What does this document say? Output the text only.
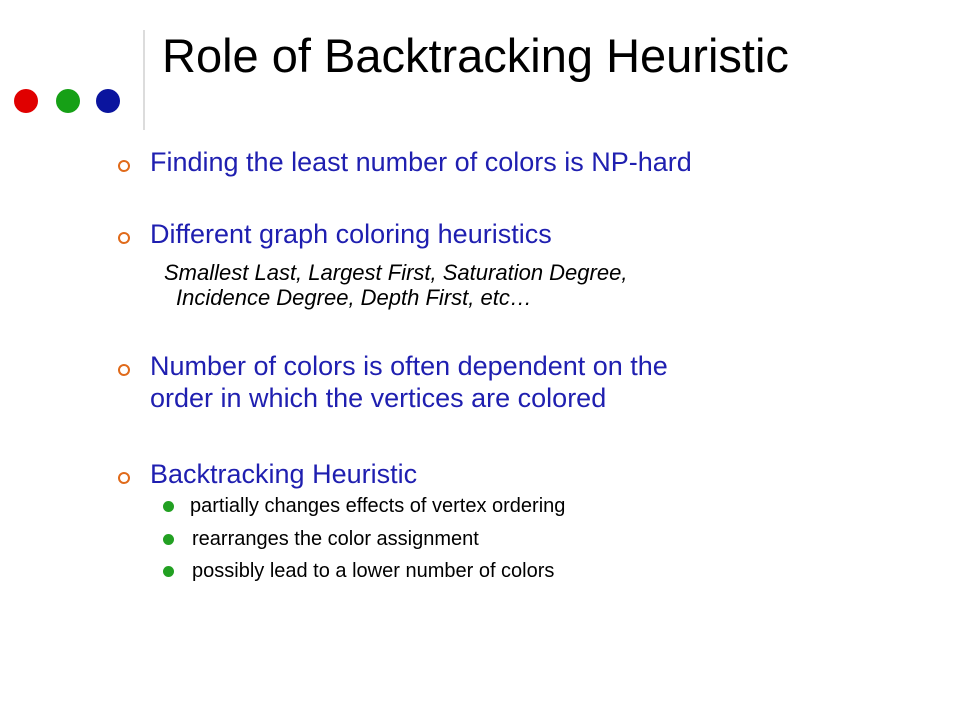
Role of Backtracking Heuristic
Finding the least number of colors is NP-hard
Different graph coloring heuristics
Smallest Last, Largest First, Saturation Degree,
Incidence Degree, Depth First, etc…
Number of colors is often dependent on the
order in which the vertices are colored
Backtracking Heuristic
partially changes effects of vertex ordering
rearranges the color assignment
possibly lead to a lower number of colors
